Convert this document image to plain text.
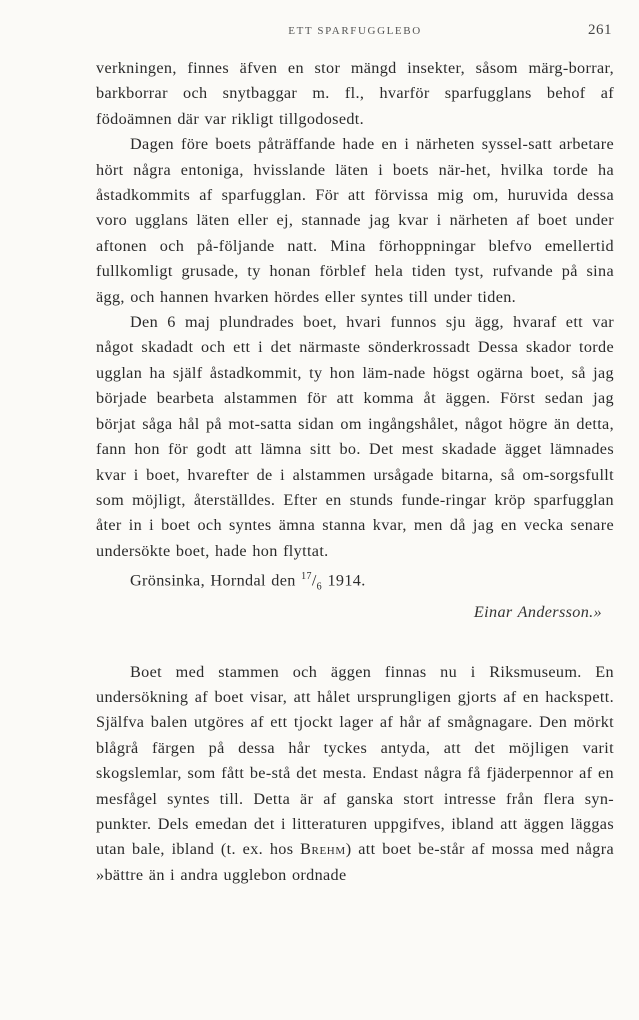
ETT SPARFUGGLEBO	261

verkningen, finnes äfven en stor mängd insekter, såsom märg-borrar, barkborrar och snytbaggar m. fl., hvarför sparfugglans behof af födoämnen där var rikligt tillgodosedt.

Dagen före boets påträffande hade en i närheten syssel-satt arbetare hört några entoniga, hvisslande läten i boets när-het, hvilka torde ha åstadkommits af sparfugglan. För att förvissa mig om, huruvida dessa voro ugglans läten eller ej, stannade jag kvar i närheten af boet under aftonen och på-följande natt. Mina förhoppningar blefvo emellertid fullkomligt grusade, ty honan förblef hela tiden tyst, rufvande på sina ägg, och hannen hvarken hördes eller syntes till under tiden.

Den 6 maj plundrades boet, hvari funnos sju ägg, hvaraf ett var något skadadt och ett i det närmaste sönderkrossadt Dessa skador torde ugglan ha själf åstadkommit, ty hon läm-nade högst ogärna boet, så jag började bearbeta alstammen för att komma åt äggen. Först sedan jag börjat såga hål på mot-satta sidan om ingångshålet, något högre än detta, fann hon för godt att lämna sitt bo. Det mest skadade ägget lämnades kvar i boet, hvarefter de i alstammen ursågade bitarna, så om-sorgsfullt som möjligt, återställdes. Efter en stunds funde-ringar kröp sparfugglan åter in i boet och syntes ämna stanna kvar, men då jag en vecka senare undersökte boet, hade hon flyttat.

Grönsinka, Horndal den $^{17}/_6$ 1914.

Einar Andersson.»

Boet med stammen och äggen finnas nu i Riksmuseum. En undersökning af boet visar, att hålet ursprungligen gjorts af en hackspett. Själfva balen utgöres af ett tjockt lager af hår af smågnagare. Den mörkt blågrå färgen på dessa hår tyckes antyda, att det möjligen varit skogslemlar, som fått be-stå det mesta. Endast några få fjäderpennor af en mesfågel syntes till. Detta är af ganska stort intresse från flera syn-punkter. Dels emedan det i litteraturen uppgifves, ibland att äggen läggas utan bale, ibland (t. ex. hos Brehm) att boet be-står af mossa med några »bättre än i andra ugglebon ordnade
